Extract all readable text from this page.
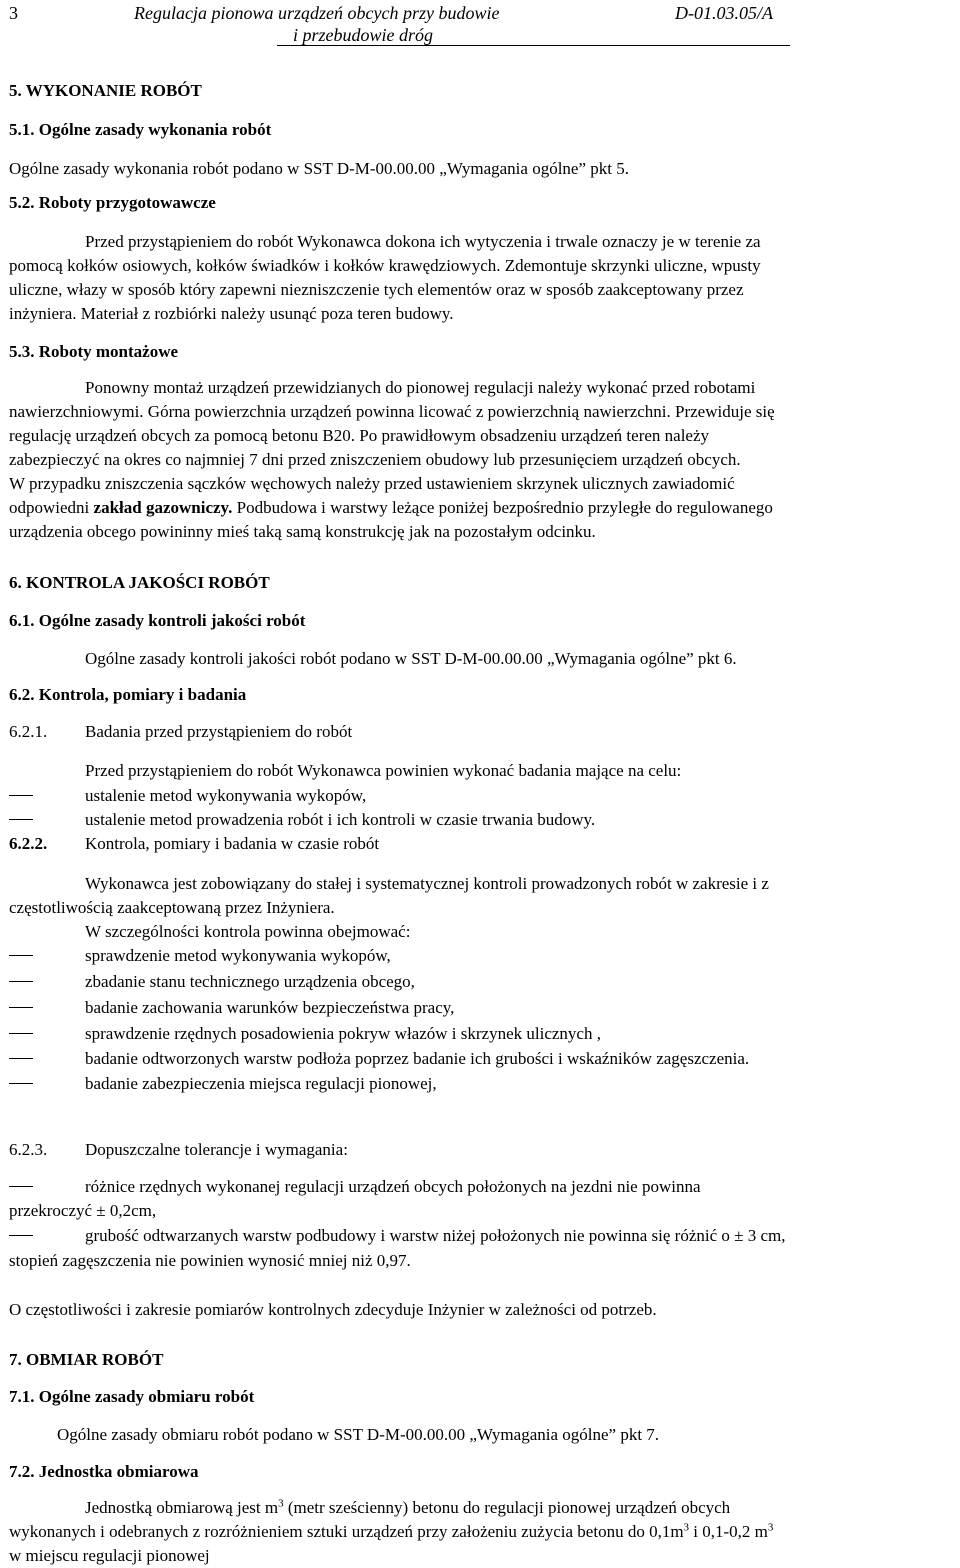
3	Regulacja pionowa urządzeń obcych przy budowie
i przebudowie dróg
D-01.03.05/A
5. WYKONANIE ROBÓT
5.1. Ogólne zasady wykonania robót
Ogólne zasady wykonania robót podano w SST D-M-00.00.00 „Wymagania ogólne” pkt 5.
5.2. Roboty przygotowawcze
Przed przystąpieniem do robót Wykonawca dokona ich wytyczenia i trwale oznaczy je w terenie za
pomocą kołków osiowych, kołków świadków i kołków krawędziowych. Zdemontuje skrzynki uliczne, wpusty
uliczne, włazy w sposób który zapewni niezniszczenie tych elementów oraz w sposób zaakceptowany przez
inżyniera. Materiał z rozbiórki należy usunąć poza teren budowy.
5.3. Roboty montażowe
Ponowny montaż urządzeń przewidzianych do pionowej regulacji należy wykonać przed robotami
nawierzchniowymi. Górna powierzchnia urządzeń powinna licować z powierzchnią nawierzchni. Przewiduje się
regulację urządzeń obcych za pomocą betonu B20. Po prawidłowym obsadzeniu urządzeń teren należy
zabezpieczyć na okres co najmniej 7 dni przed zniszczeniem obudowy lub przesunięciem urządzeń obcych.
W przypadku zniszczenia sączków węchowych należy przed ustawieniem skrzynek ulicznych zawiadomić
odpowiedni zakład gazowniczy. Podbudowa i warstwy leżące poniżej bezpośrednio przyległe do regulowanego
urządzenia obcego powininny mieś taką samą konstrukcję jak na pozostałym odcinku.
6. KONTROLA JAKOŚCI ROBÓT
6.1. Ogólne zasady kontroli jakości robót
Ogólne zasady kontroli jakości robót podano w SST D-M-00.00.00 „Wymagania ogólne” pkt 6.
6.2. Kontrola, pomiary i badania
6.2.1. Badania przed przystąpieniem do robót
Przed przystąpieniem do robót Wykonawca powinien wykonać badania mające na celu:
ustalenie metod wykonywania wykopów,
ustalenie metod prowadzenia robót i ich kontroli w czasie trwania budowy.
6.2.2. Kontrola, pomiary i badania w czasie robót
Wykonawca jest zobowiązany do stałej i systematycznej kontroli prowadzonych robót w zakresie i z
częstotliwością zaakceptowaną przez Inżyniera.
W szczególności kontrola powinna obejmować:
sprawdzenie metod wykonywania wykopów,
zbadanie stanu technicznego urządzenia obcego,
badanie zachowania warunków bezpieczeństwa pracy,
sprawdzenie rzędnych posadowienia pokryw włazów i skrzynek ulicznych ,
badanie odtworzonych warstw podłoża poprzez badanie ich grubości i wskaźników zagęszczenia.
badanie zabezpieczenia miejsca regulacji pionowej,
6.2.3. Dopuszczalne tolerancje i wymagania:
różnice rzędnych wykonanej regulacji urządzeń obcych położonych na jezdni nie powinna
przekroczyć ± 0,2cm,
grubość odtwarzanych warstw podbudowy i warstw niżej położonych nie powinna się różnić o ± 3 cm,
stopień zagęszczenia nie powinien wynosić mniej niż 0,97.
O częstotliwości i zakresie pomiarów kontrolnych zdecyduje Inżynier w zależności od potrzeb.
7. OBMIAR ROBÓT
7.1. Ogólne zasady obmiaru robót
Ogólne zasady obmiaru robót podano w SST D-M-00.00.00 „Wymagania ogólne” pkt 7.
7.2. Jednostka obmiarowa
Jednostką obmiarową jest $m^3$ (metr sześcienny) betonu do regulacji pionowej urządzeń obcych
wykonanych i odebranych z rozróżnieniem sztuki urządzeń przy założeniu zużycia betonu do $0,1m^3$ i 0,1-0,2 $m^3$
w miejscu regulacji pionowej
